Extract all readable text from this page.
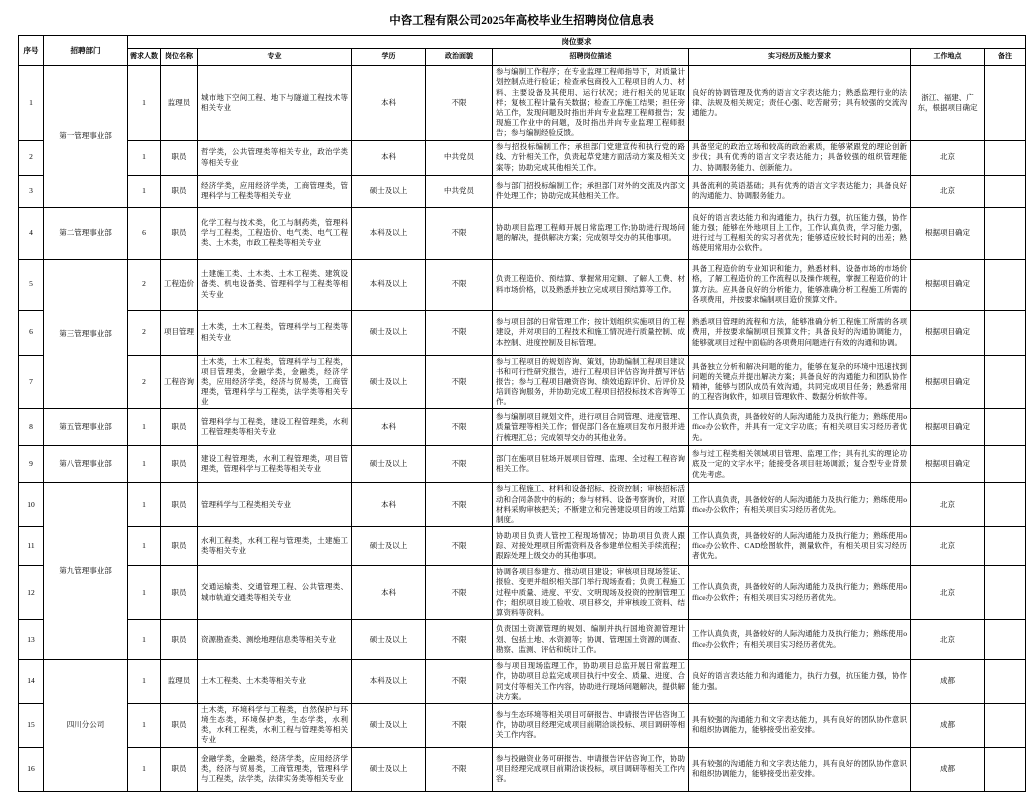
中咨工程有限公司2025年高校毕业生招聘岗位信息表
序号	招聘部门	岗位要求								
		需求人数	岗位名称	专业	学历	政治面貌	招聘岗位描述	实习经历及能力要求	工作地点	备注
1	第一管理事业部	1	监理员	城市地下空间工程、地下与隧道工程技术等相关专业	本科	不限	参与编制工作程序；在专业监理工程师指导下，对质量计划控制点进行验证；检查承包商投入工程项目的人力、材料、主要设备及其使用、运行状况；进行相关的见证取样；复核工程计量有关数据；检查工序施工结果；担任旁站工作，发现问题及时指出并向专业监理工程师报告；发现施工作业中的问题，及时指出并向专业监理工程师报告；参与编制经验反馈。	良好的协调管理及优秀的语言文字表达能力；熟悉监理行业的法律、法规及相关规定；责任心强、吃苦耐劳；具有较强的交流沟通能力。	浙江、福建、广东，根据项目确定	
2		1	职员	哲学类，公共管理类等相关专业，政治学类等相关专业	本科	中共党员	参与招投标编制工作；承担部门党建宣传和执行党的路线、方针相关工作，负责起草党建方面活动方案及相关文案等；协助完成其他相关工作。	具备坚定的政治立场和较高的政治素质，能够紧跟党的理论创新步伐；具有优秀的语言文字表达能力；具备较强的组织管理能力、协调服务能力、创新能力。	北京	
3		1	职员	经济学类，应用经济学类，工商管理类，管理科学与工程类等相关专业	硕士及以上	中共党员	参与部门招投标编制工作；承担部门对外的交流及内部文件处理工作；协助完成其他相关工作。	具备流利的英语基础；具有优秀的语言文字表达能力；具备良好的沟通能力、协调服务能力。	北京	
4	第二管理事业部	6	职员	化学工程与技术类，化工与制药类，管理科学与工程类，工程造价、电气类、电气工程类、土木类，市政工程类等相关专业	本科及以上	不限	协助项目监理工程师开展日常监理工作;协助进行现场问题的解决，提供解决方案；完成领导交办的其他事项。	良好的语言表达能力和沟通能力，执行力强，抗压能力强，协作能力强；能够在外地项目上工作，工作认真负责，学习能力强，进行过与工程相关的实习者优先；能够适应较长时间的出差；熟练使用常用办公软件。	根据项目确定	
5	第三管理事业部	2	工程造价	土建施工类、土木类、土木工程类、建筑设备类、机电设备类、管理科学与工程类等相关专业	本科及以上	不限	负责工程造价、预结算、掌握常用定额、了解人工费、材料市场价格，以及熟悉并独立完成项目预结算等工作。	具备工程造价的专业知识和能力，熟悉材料、设备市场的市场价格，了解工程造价的工作流程以及操作规程，掌握工程造价的计算方法。应具备良好的分析能力，能够准确分析工程施工所需的各项费用，并按要求编制项目造价预算文件。	根据项目确定	
6		2	项目管理	土木类，土木工程类，管理科学与工程类等相关专业	硕士及以上	不限	参与项目部的日常管理工作；按计划组织实施项目的工程建设，并对项目的工程技术和施工情况进行质量控制、成本控制、进度控制及目标管理。	熟悉项目管理的流程和方法，能够准确分析工程施工所需的各项费用，并按要求编制项目预算文件；具备良好的沟通协调能力，能够就项目过程中面临的各项费用问题进行有效的沟通和协调。	根据项目确定	
7		2	工程咨询	土木类，土木工程类，管理科学与工程类，项目管理类，金融学类，金融类，经济学类，应用经济学类，经济与贸易类，工商管理类，管理科学与工程类，法学类等相关专业	硕士及以上	不限	参与工程项目的规划咨询、策划，协助编制工程项目建议书和可行性研究报告，进行工程项目评估咨询并撰写评估报告；参与工程项目融资咨询、绩效追踪评价、后评价及培训咨询服务，并协助完成工程项目招投标技术咨询等工作。	具备独立分析和解决问题的能力，能够在复杂的环境中迅速找到问题的关键点并提出解决方案；具备良好的沟通能力和团队协作精神，能够与团队成员有效沟通，共同完成项目任务；熟悉常用的工程咨询软件，如项目管理软件、数据分析软件等。	根据项目确定	
8	第五管理事业部	1	职员	管理科学与工程类，建设工程管理类，水利工程管理类等相关专业	本科	不限	参与编制项目规划文件，进行项目合同管理、进度管理、质量管理等相关工作；督促部门各在施项目发布月报并进行梳理汇总；完成领导交办的其他业务。	工作认真负责，具备较好的人际沟通能力及执行能力；熟练使用office办公软件，并具有一定文字功底；有相关项目实习经历者优先。	根据项目确定	
9	第八管理事业部	1	职员	建设工程管理类，水利工程管理类，项目管理类，管理科学与工程类等相关专业	硕士及以上	不限	部门在施项目驻场开展项目管理、监理、全过程工程咨询相关工作。	参与过工程类相关领域项目管理、监理工作；具有扎实的理论功底及一定的文字水平；能接受各项目驻场调派；复合型专业背景优先考虑。	根据项目确定	
10	第九管理事业部	1	职员	管理科学与工程类相关专业	本科	不限	参与工程施工、材料和设备招标、投资控制；审核招标活动和合同条款中的标的；参与材料、设备考察询价，对原材料采购审核把关；不断建立和完善建设项目的竣工结算制度。	工作认真负责，具备较好的人际沟通能力及执行能力；熟练使用office办公软件；有相关项目实习经历者优先。	北京	
11		1	职员	水利工程类，水利工程与管理类，土建施工类等相关专业	硕士及以上	不限	协助项目负责人管控工程现场情况；协助项目负责人跟踪、对接处理项目所需资料及各参建单位相关手续流程；跟踪处理上级交办的其他事项。	工作认真负责，具备较好的人际沟通能力及执行能力；熟练使用office办公软件、CAD绘图软件，测量软件，有相关项目实习经历者优先。	北京	
12		1	职员	交通运输类、交通管理工程、公共管理类、城市轨道交通类等相关专业	本科	不限	协调各项目参建方、推动项目建设；审核项目现场签证、报验、变更并组织相关部门举行现场查看；负责工程施工过程中质量、进度、平安、文明现场及投资的控制管理工作；组织项目竣工验收、项目移交，并审核竣工资料、结算资料等资料。	工作认真负责，具备较好的人际沟通能力及执行能力；熟练使用office办公软件；有相关项目实习经历者优先。	北京	
13		1	职员	资源勘查类、测绘地理信息类等相关专业	硕士及以上	不限	负责国土资源管理的规划、编制并执行国地资源管理计划、包括土地、水资源等；协调、管理国土资源的调查、勘察、监测、评估和统计工作。	工作认真负责，具备较好的人际沟通能力及执行能力；熟练使用office办公软件；有相关项目实习经历者优先。	北京	
14	四川分公司	1	监理员	土木工程类、土木类等相关专业	本科及以上	不限	参与项目现场监理工作，协助项目总监开展日常监理工作，协助项目总监完成项目执行中安全、质量、进度、合同支付等相关工作内容，协助进行现场问题解决，提供解决方案。	良好的语言表达能力和沟通能力，执行力强，抗压能力强，协作能力强。	成都	
15		1	职员	土木类，环境科学与工程类，自然保护与环境生态类，环境保护类，生态学类，水利类，水利工程类，水利工程与管理类等相关专业	硕士及以上	不限	参与生态环境等相关项目可研报告、申请报告评估咨询工作，协助项目经理完成项目前期洽谈投标、项目调研等相关工作内容。	具有较强的沟通能力和文字表达能力，具有良好的团队协作意识和组织协调能力，能够接受出差安排。	成都	
16		1	职员	金融学类，金融类，经济学类，应用经济学类，经济与贸易类，工商管理类，管理科学与工程类，法学类，法律实务类等相关专业	硕士及以上	不限	参与投融资业务可研报告、申请报告评估咨询工作，协助项目经理完成项目前期洽谈投标，项目调研等相关工作内容。	具有较强的沟通能力和文字表达能力，具有良好的团队协作意识和组织协调能力，能够接受出差安排。	成都	
